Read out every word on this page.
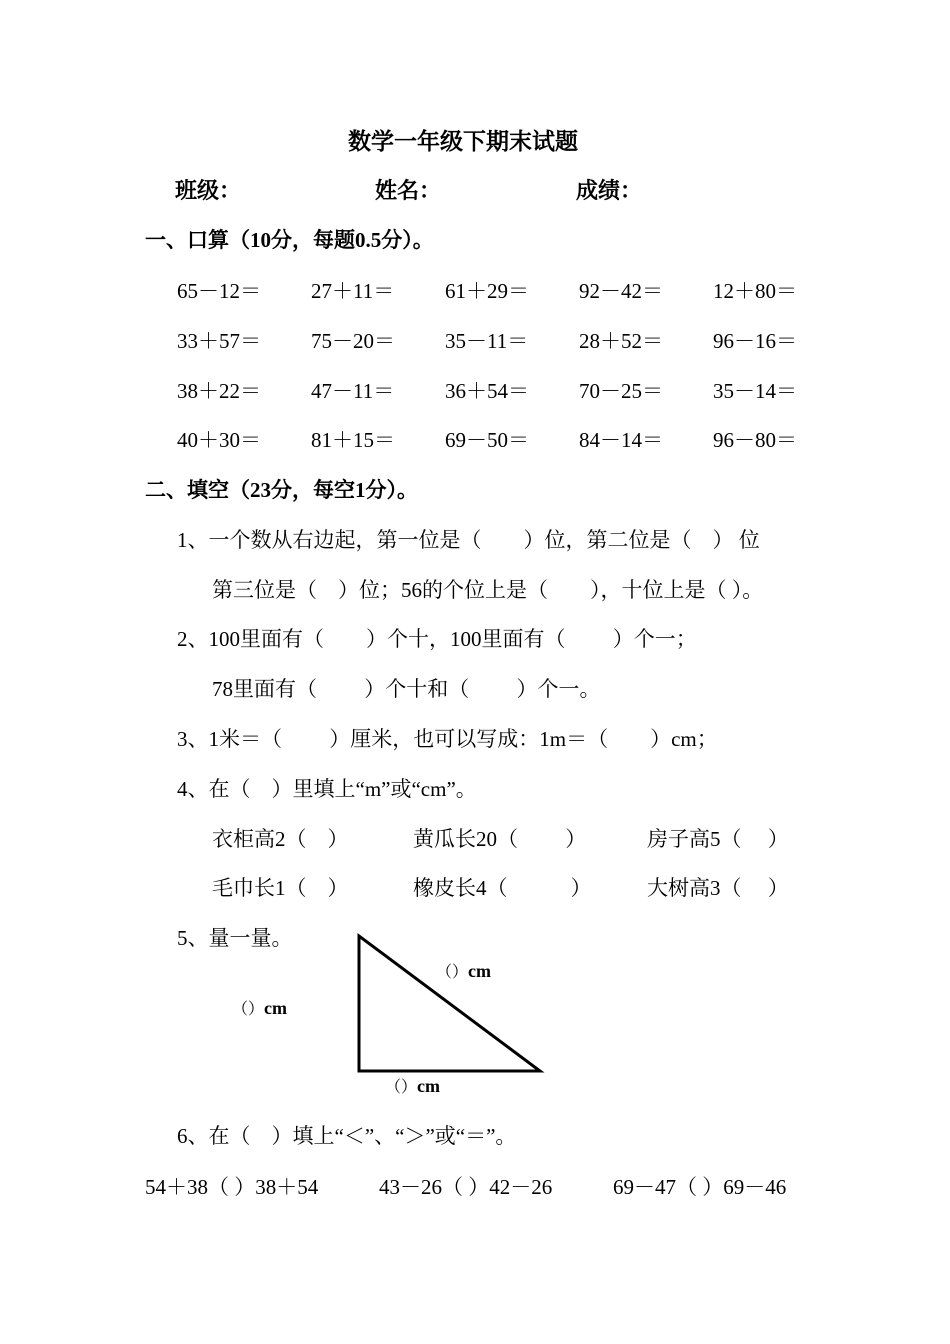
数学一年级下期末试题
班级：	姓名：	成绩：
一、口算（10分，每题0.5分）。
65－12＝ 27＋11＝ 61＋29＝ 92－42＝ 12＋80＝
33＋57＝ 75－20＝ 35－11＝ 28＋52＝ 96－16＝
38＋22＝ 47－11＝ 36＋54＝ 70－25＝ 35－14＝
40＋30＝ 81＋15＝ 69－50＝ 84－14＝ 96－80＝
二、填空（23分，每空1分）。
1、一个数从右边起，第一位是（　　）位，第二位是（　） 位
第三位是（　）位；56的个位上是（　　），十位上是（ ）。
2、100里面有（　　）个十，100里面有（　　 ）个一；
78里面有（　　 ）个十和（　　 ）个一。
3、1米＝（　　 ）厘米，也可以写成：1m＝（　　）cm；
4、在（　）里填上“m”或“cm”。
衣柜高2（　）	黄瓜长20（　　 ）	房子高5（　 ）
毛巾长1（　）	橡皮长4（　　　）	大树高3（　 ）
5、量一量。
（）cm
（）cm
（）cm
6、在（　）填上“＜”、“＞”或“＝”。
54＋38（ ）38＋54	43－26（ ）42－26	69－47（ ）69－46
